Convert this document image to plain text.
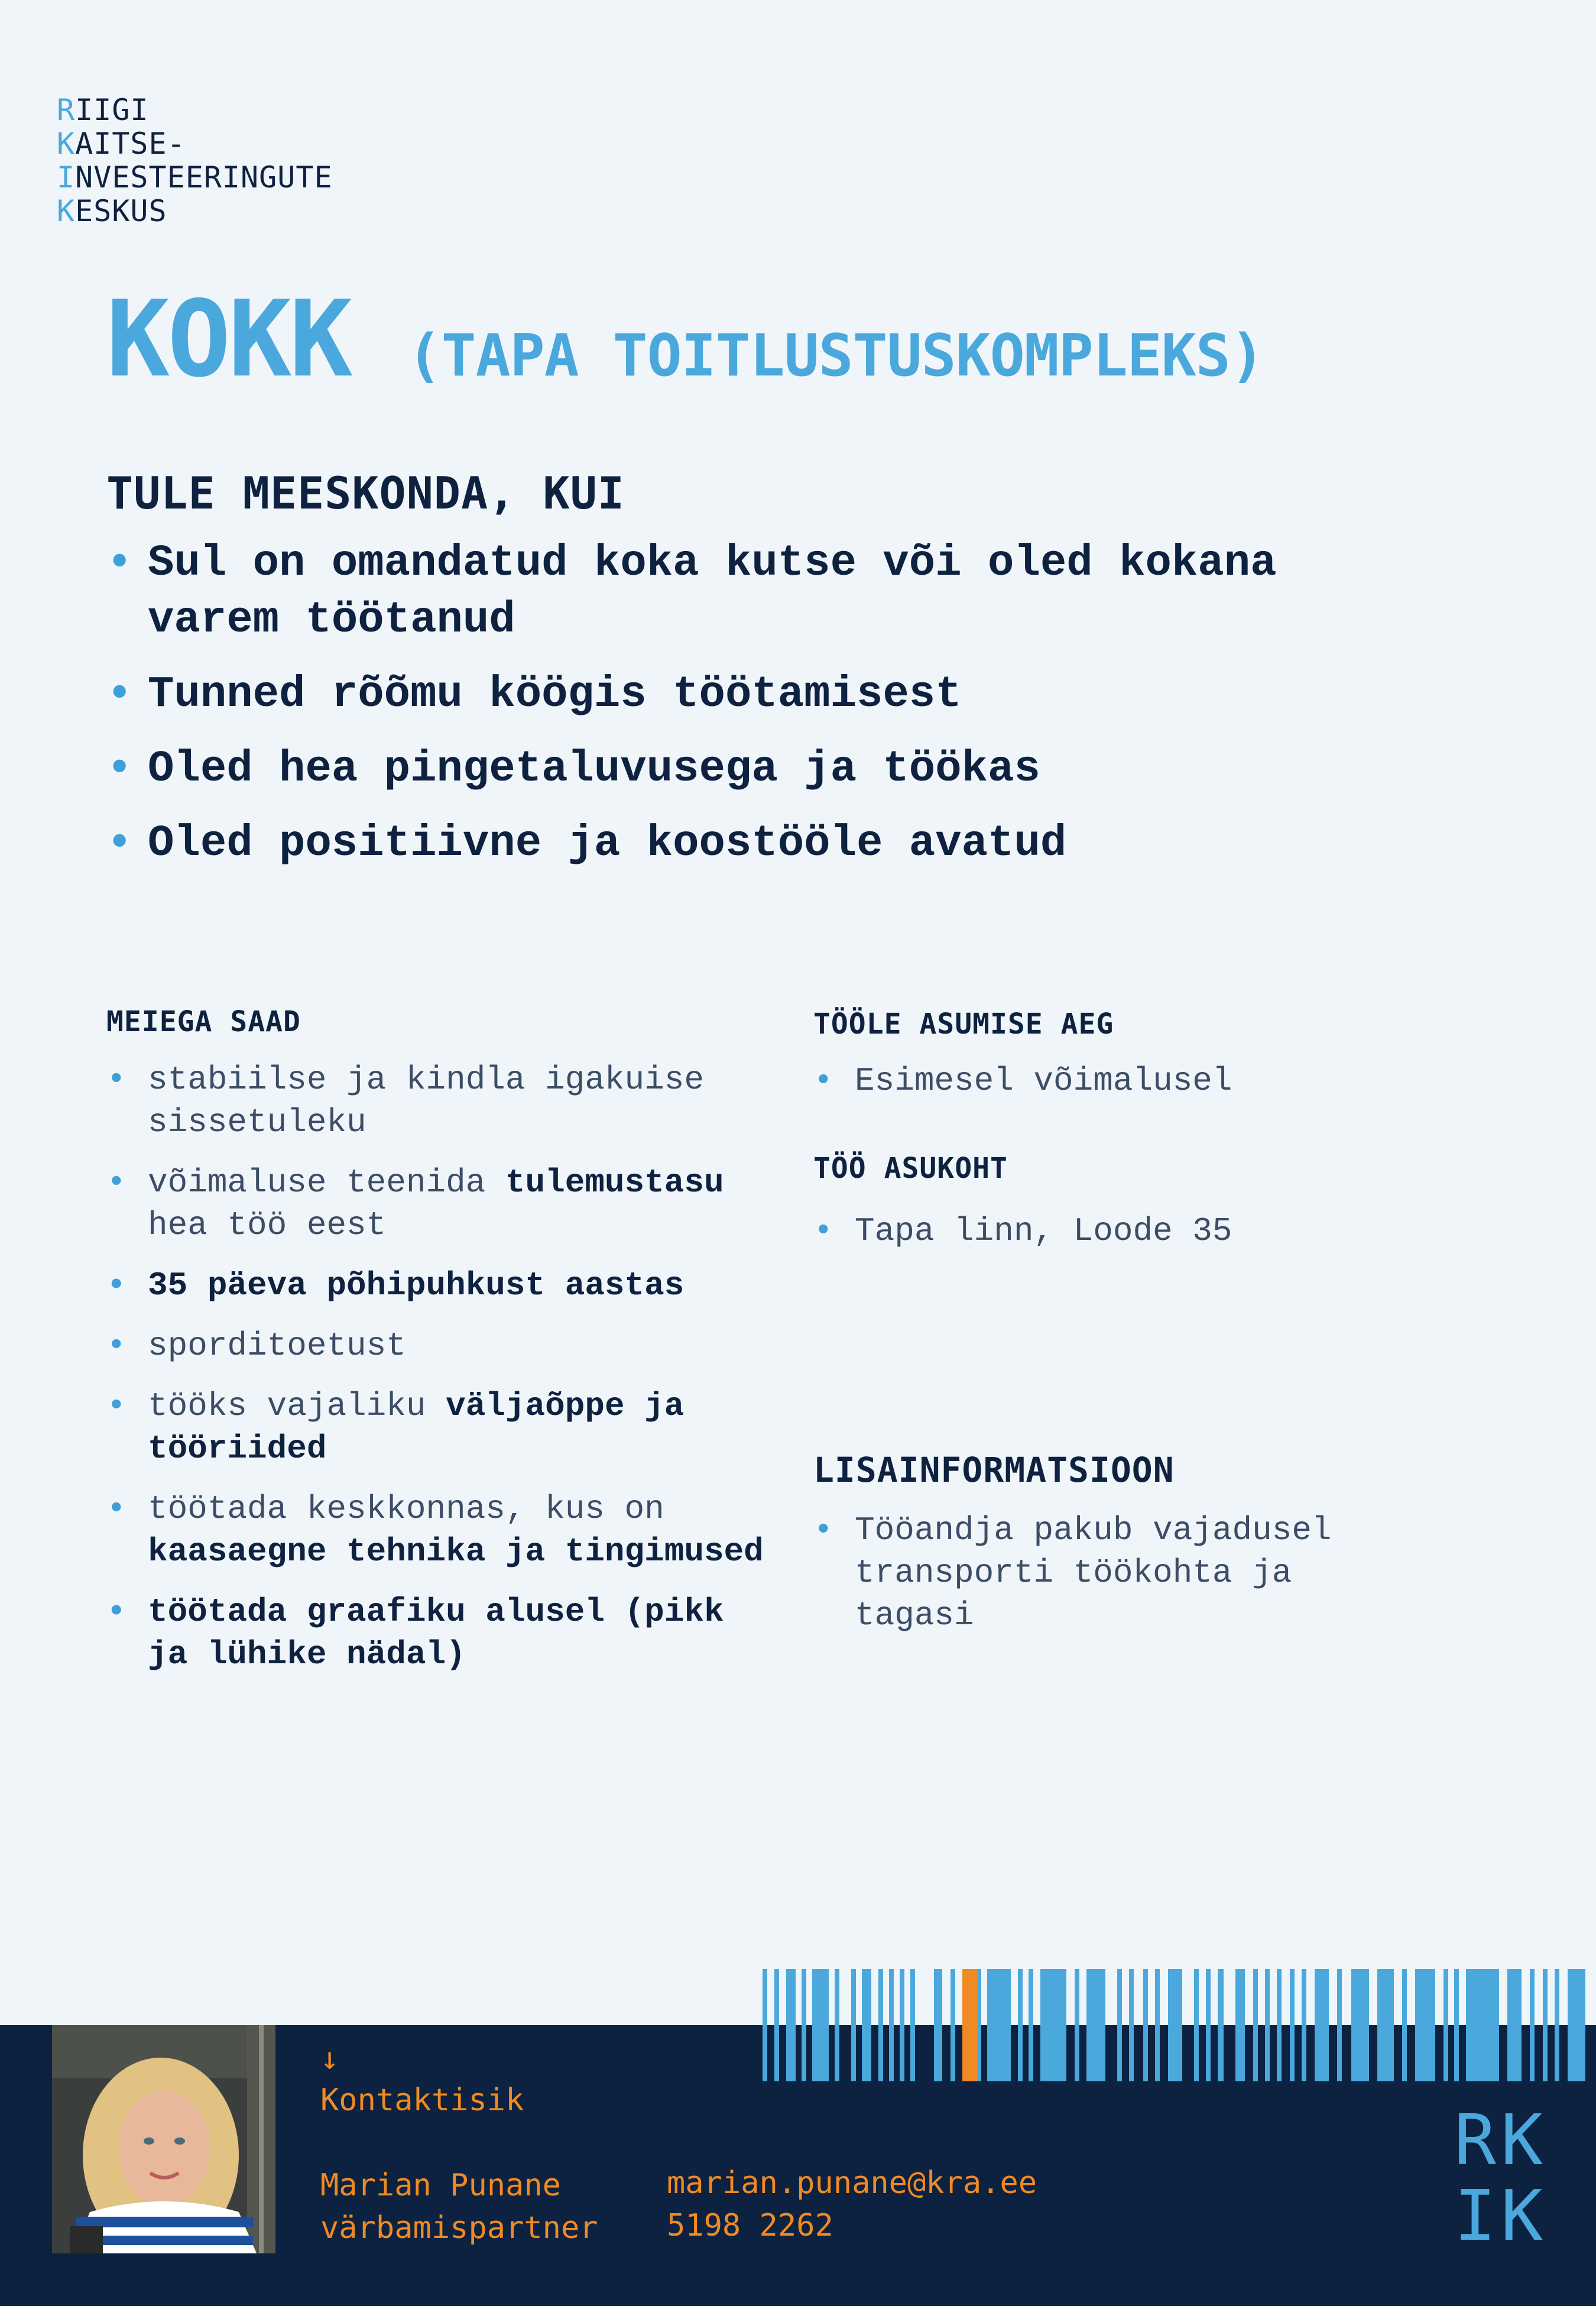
RIIGI
KAITSE-
INVESTEERINGUTE
KESKUS
KOKK (TAPA TOITLUSTUSKOMPLEKS)
TULE MEESKONDA, KUI
• Sul on omandatud koka kutse või oled kokana varem töötanud
• Tunned rõõmu köögis töötamisest
• Oled hea pingetaluvusega ja töökas
• Oled positiivne ja koostööle avatud
MEIEGA SAAD
• stabiilse ja kindla igakuise sissetuleku
• võimaluse teenida tulemustasu hea töö eest
• 35 päeva põhipuhkust aastas
• sporditoetust
• tööks vajaliku väljaõppe ja tööriided
• töötada keskkonnas, kus on kaasaegne tehnika ja tingimused
• töötada graafiku alusel (pikk ja lühike nädal)
TÖÖLE ASUMISE AEG
• Esimesel võimalusel
TÖÖ ASUKOHT
• Tapa linn, Loode 35
LISAINFORMATSIOON
• Tööandja pakub vajadusel transporti töökohta ja tagasi
↓
Kontaktisik
Marian Punane
värbamispartner
marian.punane@kra.ee
5198 2262
RK
IK
